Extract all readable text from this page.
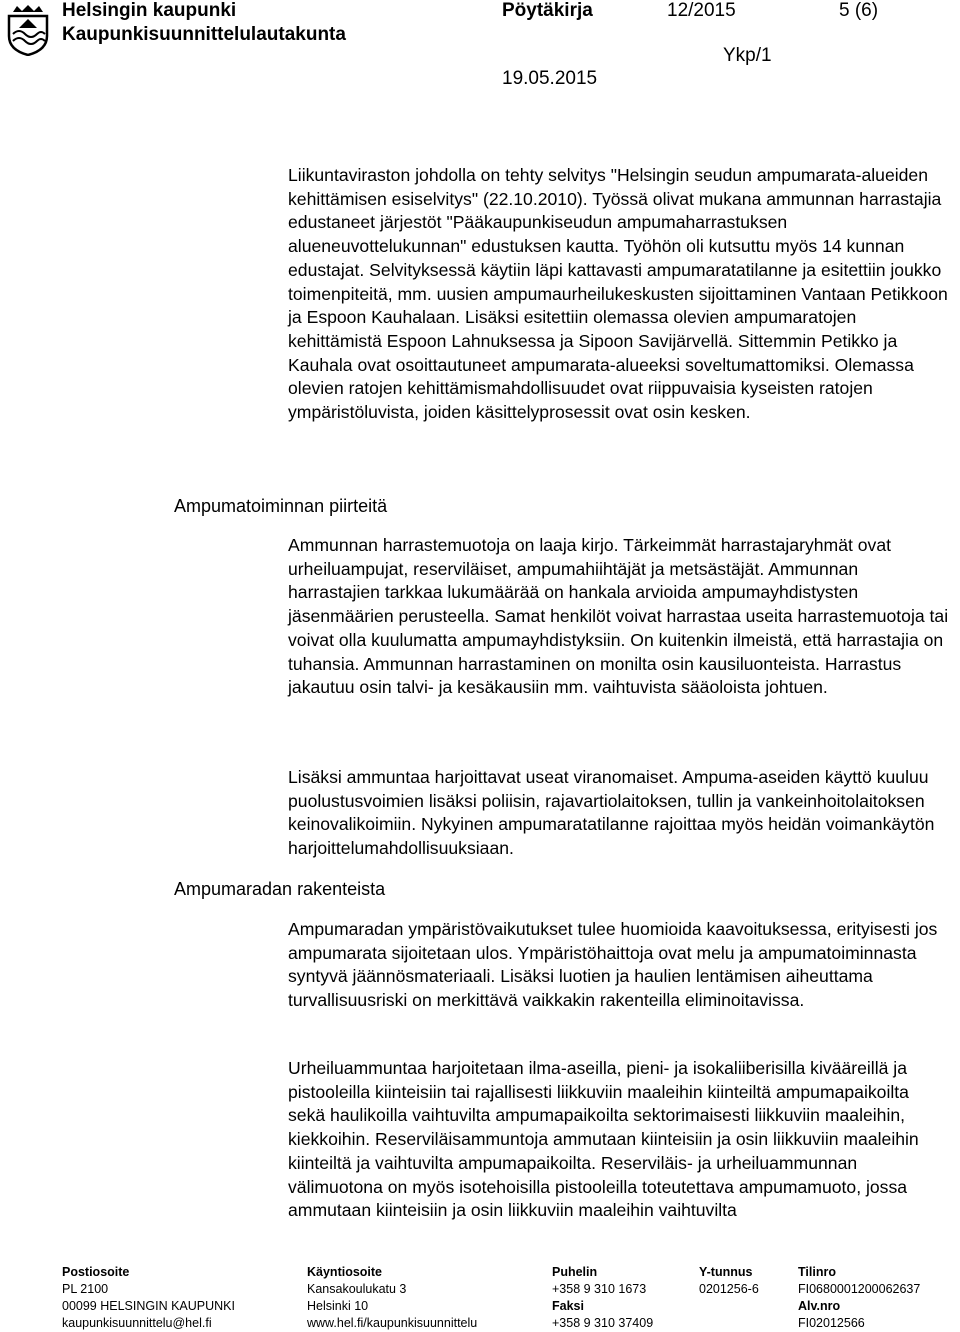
Helsingin kaupunki
Kaupunkisuunnittelulautakunta
Pöytäkirja	12/2015	5 (6)
Ykp/1
19.05.2015
Ampumatoiminnan piirteitä
Ampumaradan rakenteista

Liikuntaviraston johdolla on tehty selvitys "Helsingin seudun ampumarata-alueiden kehittämisen esiselvitys" (22.10.2010). Työssä olivat mukana ammunnan harrastajia edustaneet järjestöt "Pääkaupunkiseudun ampumaharrastuksen alueneuvottelukunnan" edustuksen kautta. Työhön oli kutsuttu myös 14 kunnan edustajat. Selvityksessä käytiin läpi kattavasti ampumaratatilanne ja esitettiin joukko toimenpiteitä, mm. uusien ampumaurheilukeskusten sijoittaminen Vantaan Petikkoon ja Espoon Kauhalaan. Lisäksi esitettiin olemassa olevien ampumaratojen kehittämistä Espoon Lahnuksessa ja Sipoon Savijärvellä. Sittemmin Petikko ja Kauhala ovat osoittautuneet ampumarata-alueeksi soveltumattomiksi. Olemassa olevien ratojen kehittämismahdollisuudet ovat riippuvaisia kyseisten ratojen ympäristöluvista, joiden käsittelyprosessit ovat osin kesken.

Ammunnan harrastemuotoja on laaja kirjo. Tärkeimmät harrastajaryhmät ovat urheiluampujat, reserviläiset, ampumahiihtäjät ja metsästäjät. Ammunnan harrastajien tarkkaa lukumäärää on hankala arvioida ampumayhdistysten jäsenmäärien perusteella. Samat henkilöt voivat harrastaa useita harrastemuotoja tai voivat olla kuulumatta ampumayhdistyksiin. On kuitenkin ilmeistä, että harrastajia on tuhansia. Ammunnan harrastaminen on monilta osin kausiluonteista. Harrastus jakautuu osin talvi- ja kesäkausiin mm. vaihtuvista sääoloista johtuen.

Lisäksi ammuntaa harjoittavat useat viranomaiset. Ampuma-aseiden käyttö kuuluu puolustusvoimien lisäksi poliisin, rajavartiolaitoksen, tullin ja vankeinhoitolaitoksen keinovalikoimiin. Nykyinen ampumaratatilanne rajoittaa myös heidän voimankäytön harjoittelumahdollisuuksiaan.

Ampumaradan ympäristövaikutukset tulee huomioida kaavoituksessa, erityisesti jos ampumarata sijoitetaan ulos. Ympäristöhaittoja ovat melu ja ampumatoiminnasta syntyvä jäännösmateriaali. Lisäksi luotien ja haulien lentämisen aiheuttama turvallisuusriski on merkittävä vaikkakin rakenteilla eliminoitavissa.

Urheiluammuntaa harjoitetaan ilma-aseilla, pieni- ja isokaliiberisilla kivääreillä ja pistooleilla kiinteisiin tai rajallisesti liikkuviin maaleihin kiinteiltä ampumapaikoilta sekä haulikoilla vaihtuvilta ampumapaikoilta sektorimaisesti liikkuviin maaleihin, kiekkoihin. Reserviläisammuntoja ammutaan kiinteisiin ja osin liikkuviin maaleihin kiinteiltä ja vaihtuvilta ampumapaikoilta. Reserviläis- ja urheiluammunnan välimuotona on myös isotehoisilla pistooleilla toteutettava ampumamuoto, jossa ammutaan kiinteisiin ja osin liikkuviin maaleihin vaihtuvilta

Postiosoite
PL 2100
00099 HELSINGIN KAUPUNKI
kaupunkisuunnittelu@hel.fi
Käyntiosoite
Kansakoulukatu 3
Helsinki 10
www.hel.fi/kaupunkisuunnittelu
Puhelin
+358 9 310 1673
Faksi
+358 9 310 37409
Y-tunnus
0201256-6
Tilinro
FI0680001200062637
Alv.nro
FI02012566
